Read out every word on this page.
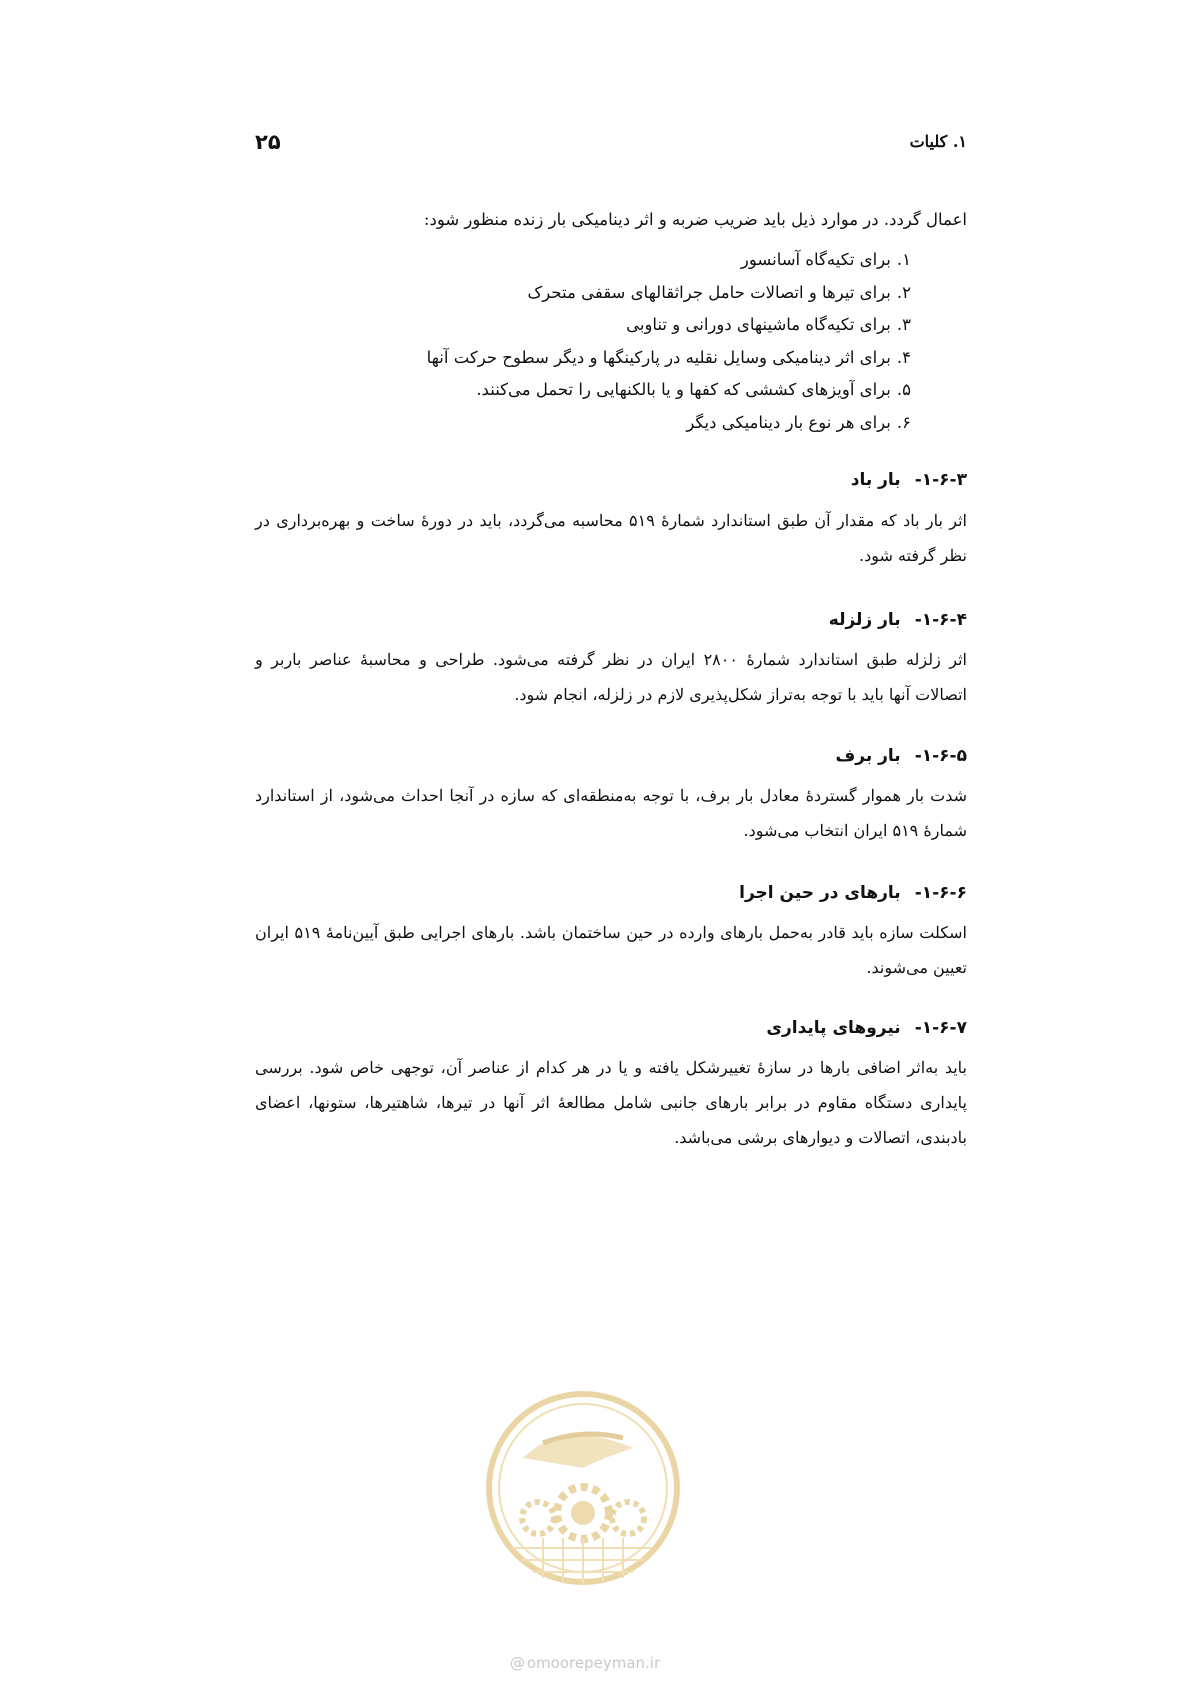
۲۵	۱. کلیات
اعمال گردد. در موارد ذیل باید ضریب ضربه و اثر دینامیکی بار زنده منظور شود:
۱.برای تکیه‌گاه آسانسور
۲.برای تیرها و اتصالات حامل جراثقالهای سقفی متحرک
۳.برای تکیه‌گاه ماشینهای دورانی و تناوبی
۴.برای اثر دینامیکی وسایل نقلیه در پارکینگها و دیگر سطوح حرکت آنها
۵.برای آویزهای کششی که کفها و یا بالکنهایی را تحمل می‌کنند.
۶.برای هر نوع بار دینامیکی دیگر
۱-۶-۳-بار باد
اثر بار باد که مقدار آن طبق استاندارد شمارهٔ ۵۱۹ محاسبه می‌گردد، باید در دورهٔ ساخت و بهره‌برداری در نظر گرفته شود.
۱-۶-۴-بار زلزله
اثر زلزله طبق استاندارد شمارهٔ ۲۸۰۰ ایران در نظر گرفته می‌شود. طراحی و محاسبهٔ عناصر باربر و اتصالات آنها باید با توجه به‌تراز شکل‌پذیری لازم در زلزله، انجام شود.
۱-۶-۵-بار برف
شدت بار هموار گستردهٔ معادل بار برف، با توجه به‌منطقه‌ای که سازه در آنجا احداث می‌شود، از استاندارد شمارهٔ ۵۱۹ ایران انتخاب می‌شود.
۱-۶-۶-بارهای در حین اجرا
اسکلت سازه باید قادر به‌حمل بارهای وارده در حین ساختمان باشد. بارهای اجرایی طبق آیین‌نامهٔ ۵۱۹ ایران تعیین می‌شوند.
۱-۶-۷-نیروهای پایداری
باید به‌اثر اضافی بارها در سازهٔ تغییرشکل یافته و یا در هر کدام از عناصر آن، توجهی خاص شود. بررسی پایداری دستگاه مقاوم در برابر بارهای جانبی شامل مطالعهٔ اثر آنها در تیرها، شاهتیرها، ستونها، اعضای بادبندی، اتصالات و دیوارهای برشی می‌باشد.
@ omoorepeyman.ir
